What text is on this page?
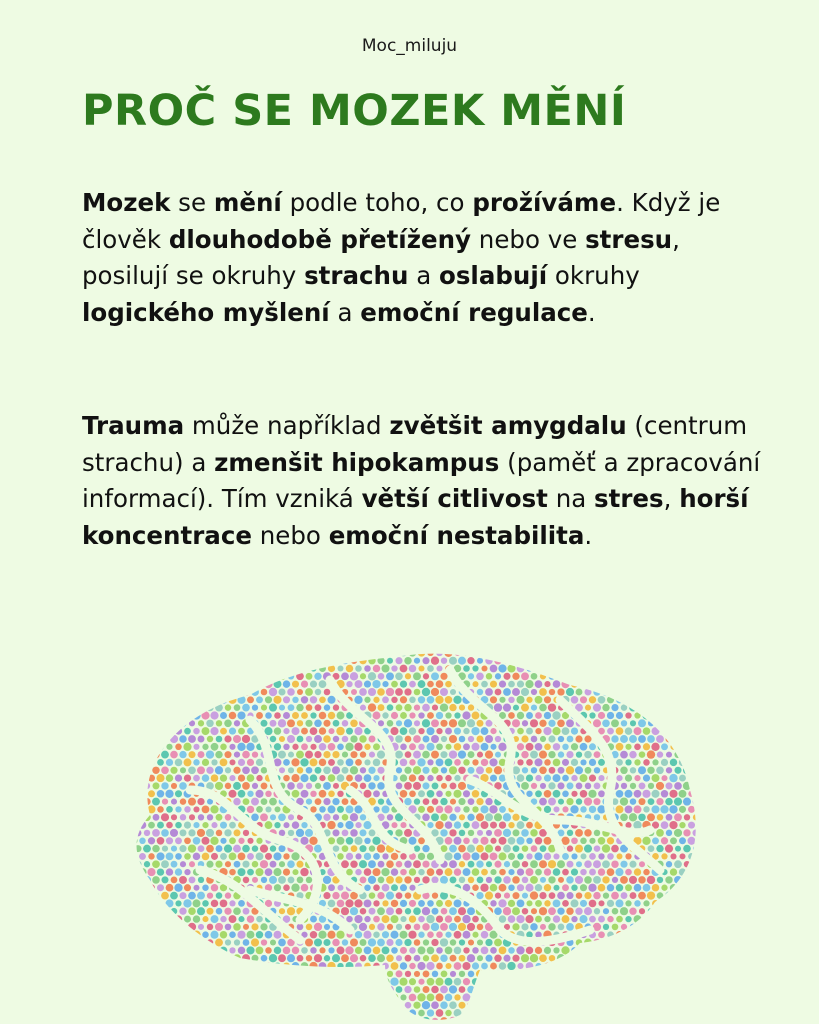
Moc_miluju
PROČ SE MOZEK MĚNÍ

Mozek se mění podle toho, co prožíváme. Když je člověk dlouhodobě přetížený nebo ve stresu, posilují se okruhy strachu a oslabují okruhy logického myšlení a emoční regulace.

Trauma může například zvětšit amygdalu (centrum strachu) a zmenšit hipokampus (paměť a zpracování informací). Tím vzniká větší citlivost na stres, horší koncentrace nebo emoční nestabilita.
